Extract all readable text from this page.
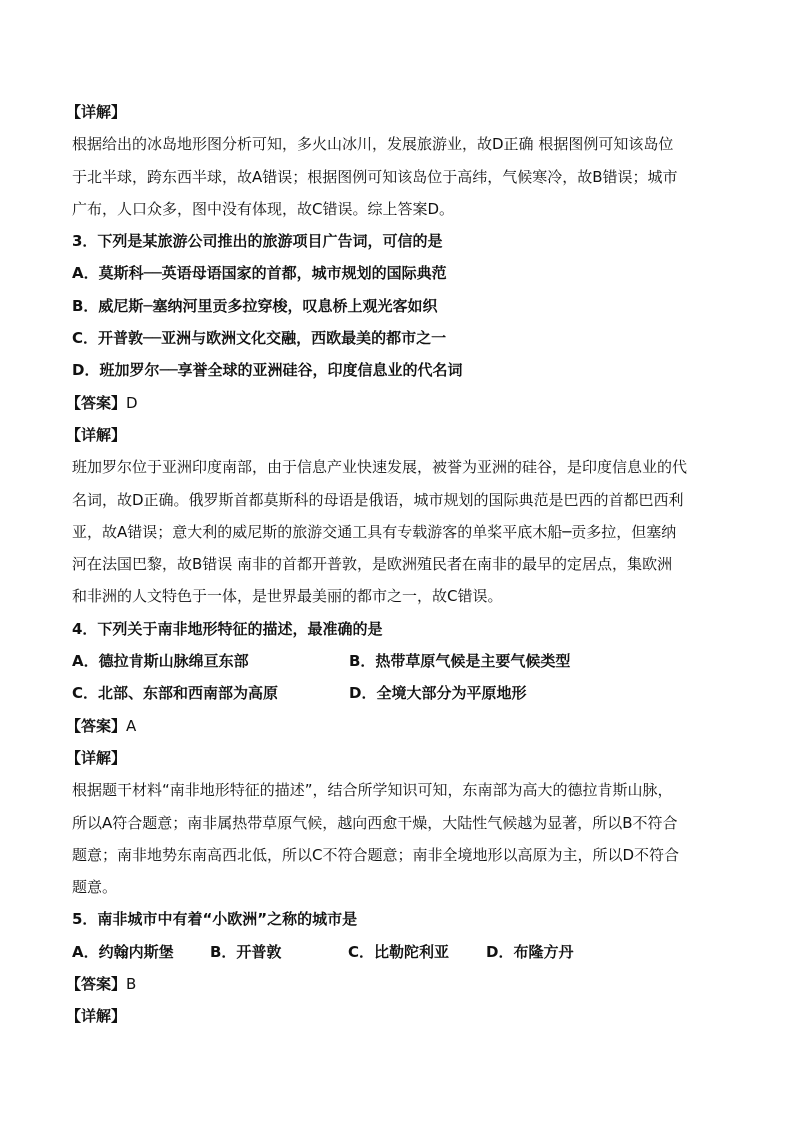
【详解】
根据给出的冰岛地形图分析可知，多火山冰川，发展旅游业，故D正确 根据图例可知该岛位
于北半球，跨东西半球，故A错误；根据图例可知该岛位于高纬，气候寒冷，故B错误；城市
广布，人口众多，图中没有体现，故C错误。综上答案D。
3．下列是某旅游公司推出的旅游项目广告词，可信的是
A．莫斯科──英语母语国家的首都，城市规划的国际典范
B．威尼斯─塞纳河里贡多拉穿梭，叹息桥上观光客如织
C．开普敦──亚洲与欧洲文化交融，西欧最美的都市之一
D．班加罗尔──享誉全球的亚洲硅谷，印度信息业的代名词
【答案】D
【详解】
班加罗尔位于亚洲印度南部，由于信息产业快速发展，被誉为亚洲的硅谷，是印度信息业的代
名词，故D正确。俄罗斯首都莫斯科的母语是俄语，城市规划的国际典范是巴西的首都巴西利
亚，故A错误；意大利的威尼斯的旅游交通工具有专载游客的单桨平底木船─贡多拉，但塞纳
河在法国巴黎，故B错误 南非的首都开普敦，是欧洲殖民者在南非的最早的定居点，集欧洲
和非洲的人文特色于一体，是世界最美丽的都市之一，故C错误。
4．下列关于南非地形特征的描述，最准确的是
A．德拉肯斯山脉绵亘东部	B．热带草原气候是主要气候类型
C．北部、东部和西南部为高原	D．全境大部分为平原地形
【答案】A
【详解】
根据题干材料“南非地形特征的描述”，结合所学知识可知，东南部为高大的德拉肯斯山脉，
所以A符合题意；南非属热带草原气候，越向西愈干燥，大陆性气候越为显著，所以B不符合
题意；南非地势东南高西北低，所以C不符合题意；南非全境地形以高原为主，所以D不符合
题意。
5．南非城市中有着“小欧洲”之称的城市是
A．约翰内斯堡	B．开普敦	C．比勒陀利亚	D．布隆方丹
【答案】B
【详解】
